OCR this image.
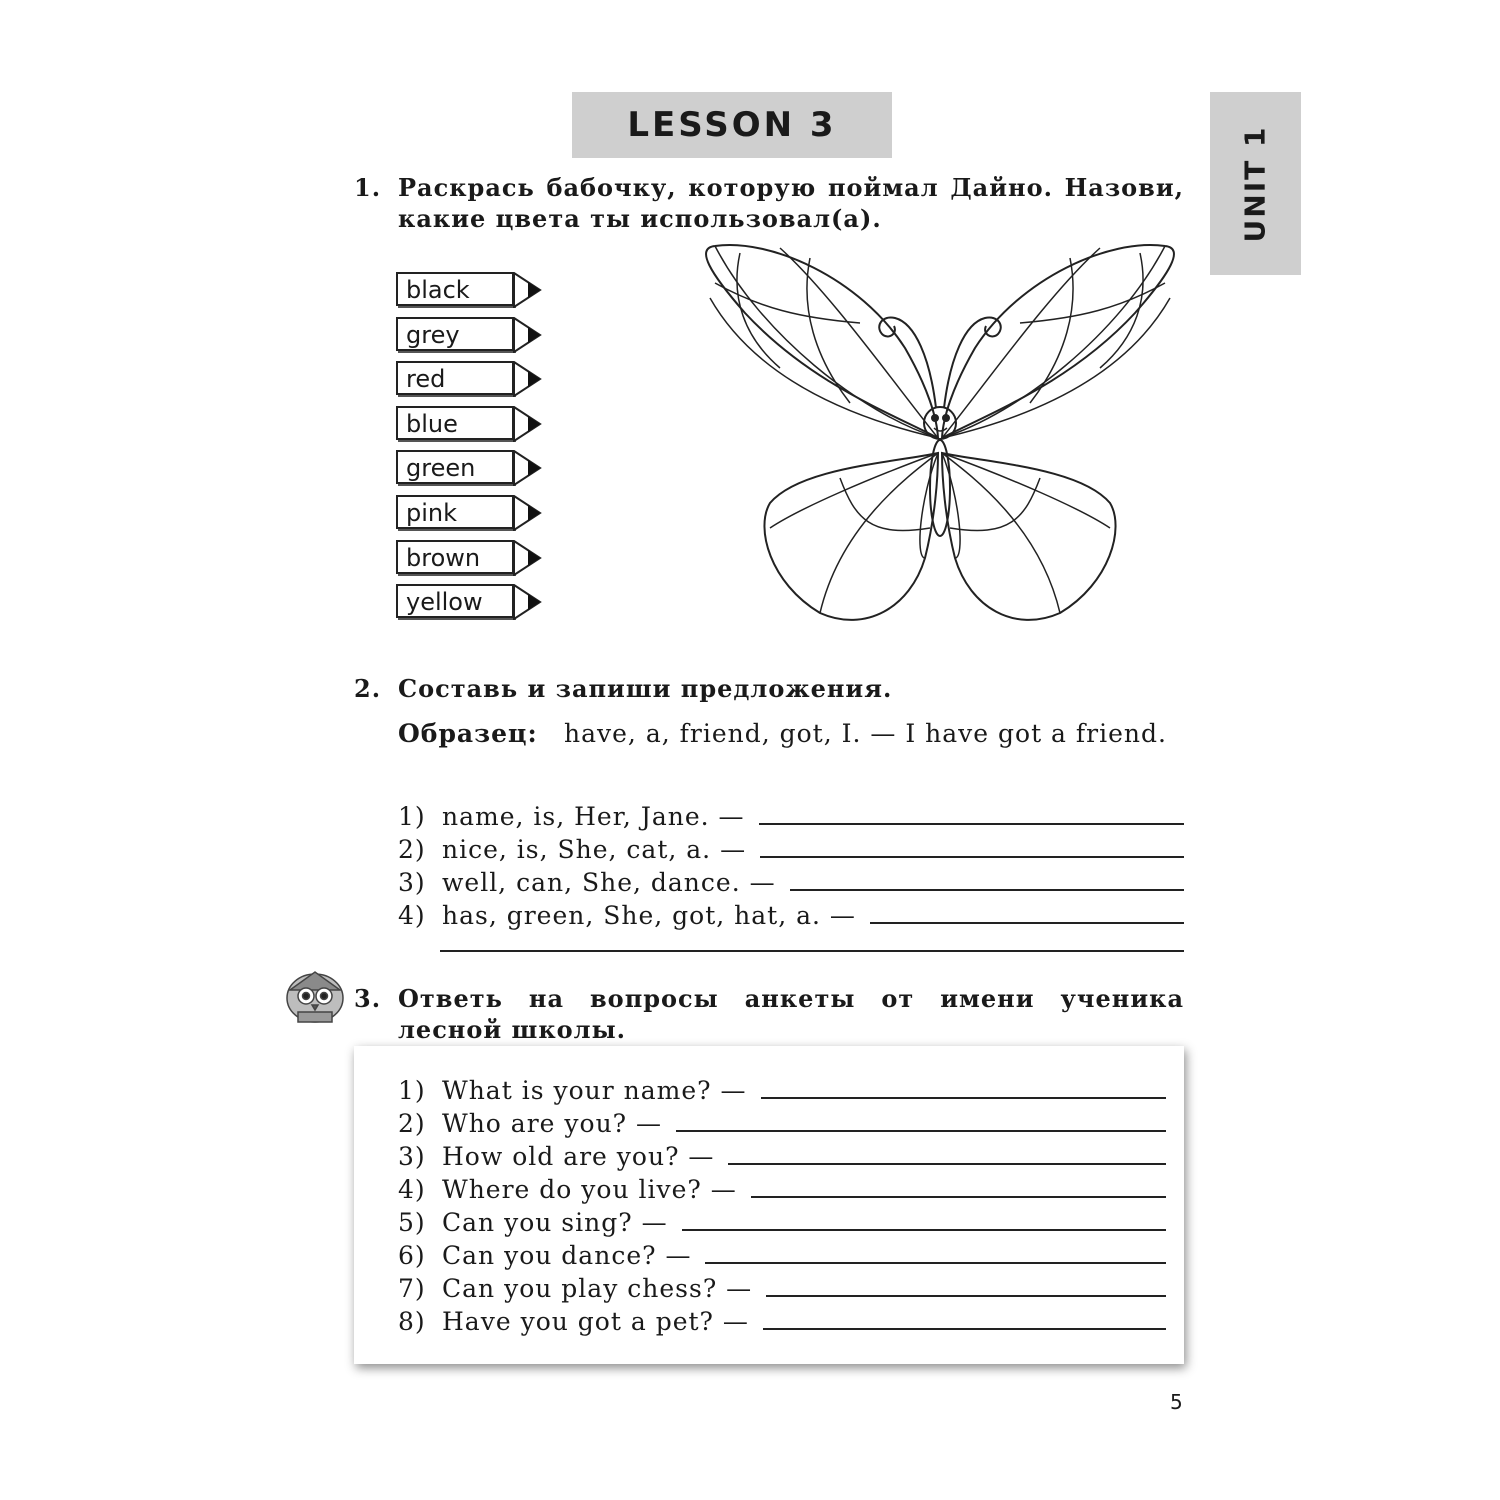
LESSON 3
UNIT 1
1. Раскрась бабочку, которую поймал Дайно. Назови, какие цвета ты использовал(а).
black
grey
red
blue
green
pink
brown
yellow
2. Составь и запиши предложения.
Образец: have, a, friend, got, I. — I have got a friend.
1) name, is, Her, Jane. —
2) nice, is, She, cat, a. —
3) well, can, She, dance. —
4) has, green, She, got, hat, a. —
3. Ответь на вопросы анкеты от имени ученика лесной школы.
1) What is your name? —
2) Who are you? —
3) How old are you? —
4) Where do you live? —
5) Can you sing? —
6) Can you dance? —
7) Can you play chess? —
8) Have you got a pet? —
5
